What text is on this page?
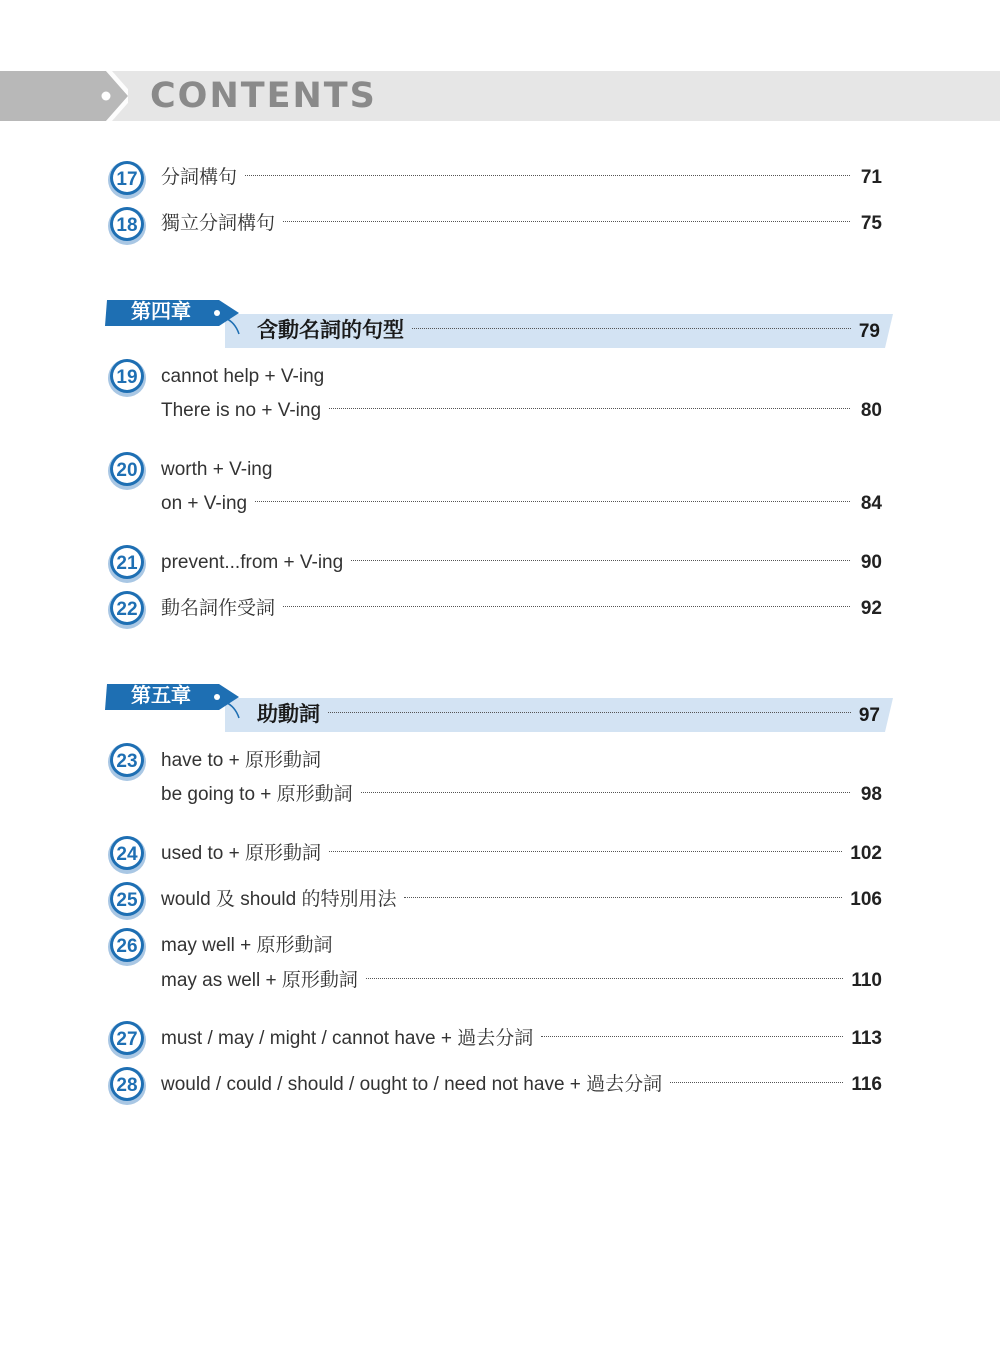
CONTENTS
17 分詞構句	71
18 獨立分詞構句	75
第四章
含動名詞的句型	79
19 cannot help + V-ing
There is no + V-ing	80
20 worth + V-ing
on + V-ing	84
21 prevent...from + V-ing	90
22 動名詞作受詞	92
第五章
助動詞	97
23 have to + 原形動詞
be going to + 原形動詞	98
24 used to + 原形動詞	102
25 would 及 should 的特別用法	106
26 may well + 原形動詞
may as well + 原形動詞	110
27 must / may / might / cannot have + 過去分詞	113
28 would / could / should / ought to / need not have + 過去分詞	116
